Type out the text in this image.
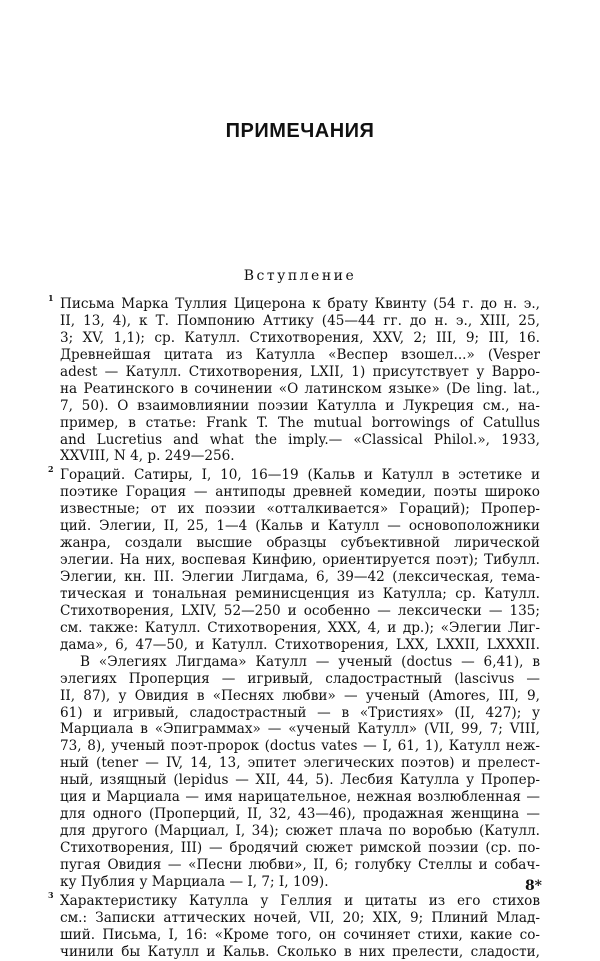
ПРИМЕЧАНИЯ
Вступление
1 Письма Марка Туллия Цицерона к брату Квинту (54 г. до н. э.,
II, 13, 4), к Т. Помпонию Аттику (45—44 гг. до н. э., XIII, 25,
3; XV, 1,1); ср. Катулл. Стихотворения, XXV, 2; III, 9; III, 16.
Древнейшая цитата из Катулла «Веспер взошел...» (Vesper
adest — Катулл. Стихотворения, LXII, 1) присутствует у Варро-
на Реатинского в сочинении «О латинском языке» (De ling. lat.,
7, 50). О взаимовлиянии поэзии Катулла и Лукреция см., на-
пример, в статье: Frank T. The mutual borrowings of Catullus
and Lucretius and what the imply.— «Classical Philol.», 1933,
XXVIII, N 4, p. 249—256.
2 Гораций. Сатиры, I, 10, 16—19 (Кальв и Катулл в эстетике и
поэтике Горация — антиподы древней комедии, поэты широко
известные; от их поэзии «отталкивается» Гораций); Пропер-
ций. Элегии, II, 25, 1—4 (Кальв и Катулл — основоположники
жанра, создали высшие образцы субъективной лирической
элегии. На них, воспевая Кинфию, ориентируется поэт); Тибулл.
Элегии, кн. III. Элегии Лигдама, 6, 39—42 (лексическая, тема-
тическая и тональная реминисценция из Катулла; ср. Катулл.
Стихотворения, LXIV, 52—250 и особенно — лексически — 135;
см. также: Катулл. Стихотворения, XXX, 4, и др.); «Элегии Лиг-
дама», 6, 47—50, и Катулл. Стихотворения, LXX, LXXII, LXXXII.
В «Элегиях Лигдама» Катулл — ученый (doctus — 6,41), в
элегиях Проперция — игривый, сладострастный (lascivus —
II, 87), у Овидия в «Песнях любви» — ученый (Amores, III, 9,
61) и игривый, сладострастный — в «Тристиях» (II, 427); у
Марциала в «Эпиграммах» — «ученый Катулл» (VII, 99, 7; VIII,
73, 8), ученый поэт-пророк (doctus vates — I, 61, 1), Катулл неж-
ный (tener — IV, 14, 13, эпитет элегических поэтов) и прелест-
ный, изящный (lepidus — XII, 44, 5). Лесбия Катулла у Пропер-
ция и Марциала — имя нарицательное, нежная возлюбленная —
для одного (Проперций, II, 32, 43—46), продажная женщина —
для другого (Марциал, I, 34); сюжет плача по воробью (Катулл.
Стихотворения, III) — бродячий сюжет римской поэзии (ср. по-
пугая Овидия — «Песни любви», II, 6; голубку Стеллы и собач-
ку Публия у Марциала — I, 7; I, 109).
3 Характеристику Катулла у Геллия и цитаты из его стихов
см.: Записки аттических ночей, VII, 20; XIX, 9; Плиний Млад-
ший. Письма, I, 16: «Кроме того, он сочиняет стихи, какие со-
чинили бы Катулл и Кальв. Сколько в них прелести, сладости,
8*
